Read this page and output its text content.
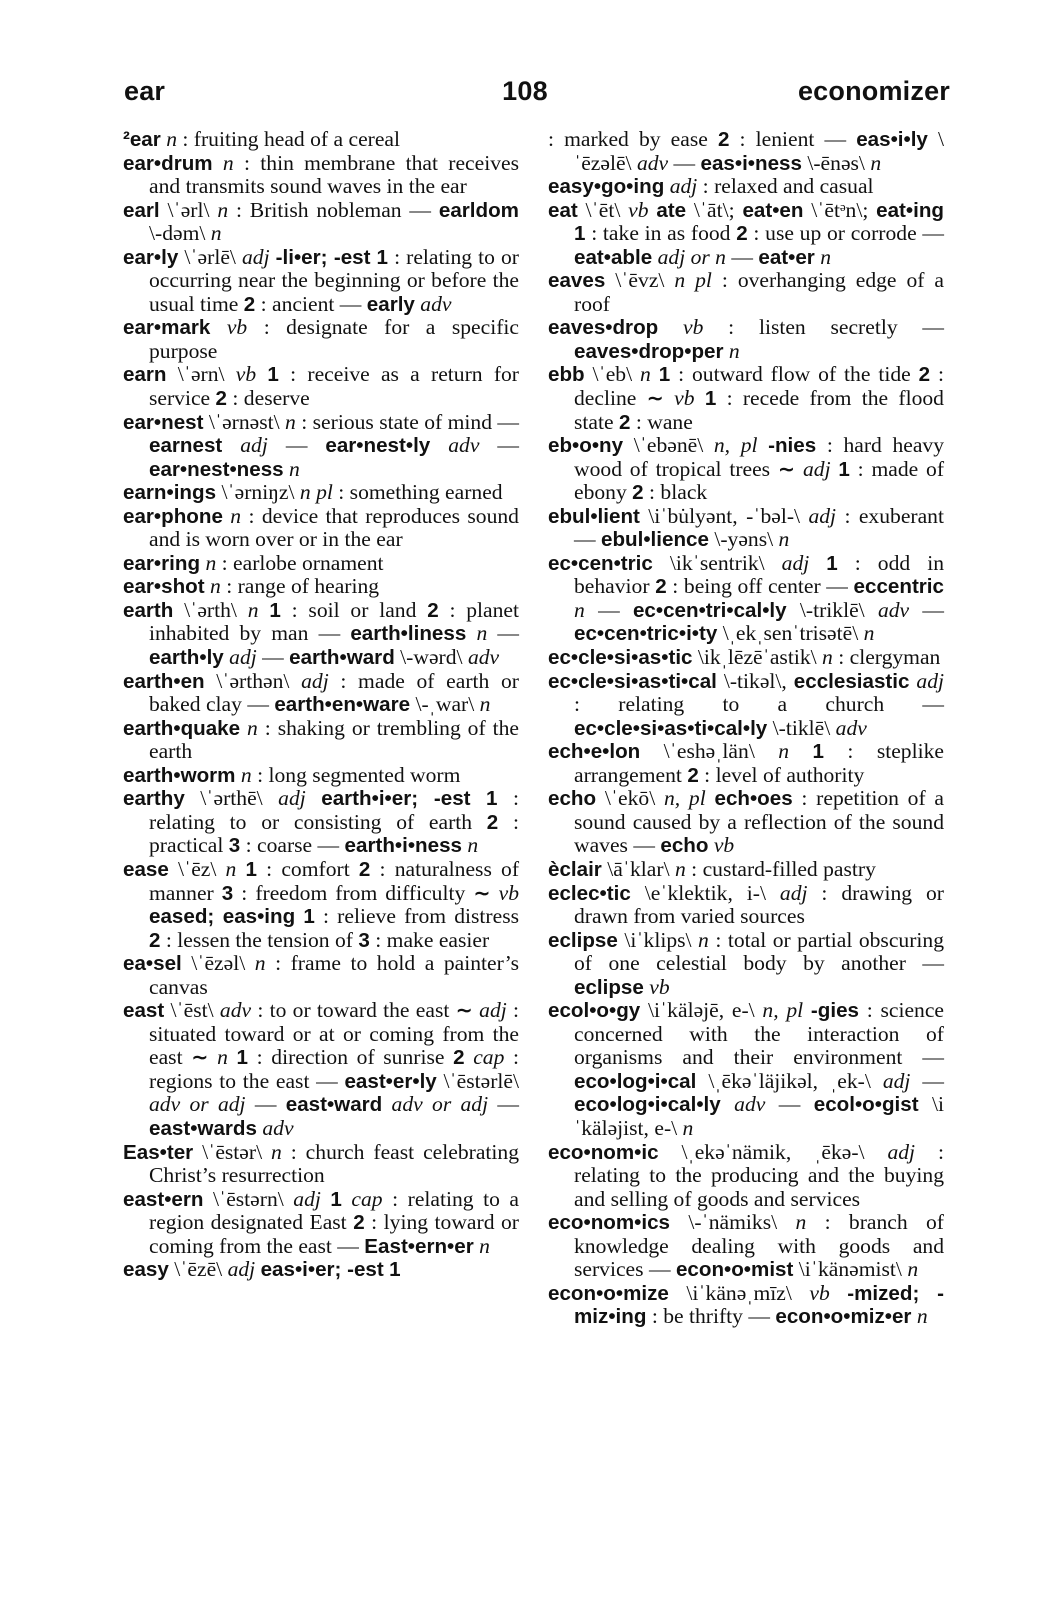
ear	108	economizer

²ear n : fruiting head of a cereal

ear•drum n : thin membrane that receives and transmits sound waves in the ear

earl \ˈərl\ n : British nobleman — earldom \-dəm\ n

ear•ly \ˈərlē\ adj -li•er; -est 1 : relating to or occurring near the beginning or before the usual time 2 : ancient — early adv

ear•mark vb : designate for a specific purpose

earn \ˈərn\ vb 1 : receive as a return for service 2 : deserve

ear•nest \ˈərnəst\ n : serious state of mind — earnest adj — ear•nest•ly adv — ear•nest•ness n

earn•ings \ˈərniŋz\ n pl : something earned

ear•phone n : device that reproduces sound and is worn over or in the ear

ear•ring n : earlobe ornament

ear•shot n : range of hearing

earth \ˈərth\ n 1 : soil or land 2 : planet inhabited by man — earth•liness n — earth•ly adj — earth•ward \-wərd\ adv

earth•en \ˈərthən\ adj : made of earth or baked clay — earth•en•ware \-ˌwar\ n

earth•quake n : shaking or trembling of the earth

earth•worm n : long segmented worm

earthy \ˈərthē\ adj earth•i•er; -est 1 : relating to or consisting of earth 2 : practical 3 : coarse — earth•i•ness n

ease \ˈēz\ n 1 : comfort 2 : naturalness of manner 3 : freedom from difficulty ∼ vb eased; eas•ing 1 : relieve from distress 2 : lessen the tension of 3 : make easier

ea•sel \ˈēzəl\ n : frame to hold a painter’s canvas

east \ˈēst\ adv : to or toward the east ∼ adj : situated toward or at or coming from the east ∼ n 1 : direction of sunrise 2 cap : regions to the east — east•er•ly \ˈēstərlē\ adv or adj — east•ward adv or adj — east•wards adv

Eas•ter \ˈēstər\ n : church feast celebrating Christ’s resurrection

east•ern \ˈēstərn\ adj 1 cap : relating to a region designated East 2 : lying toward or coming from the east — East•ern•er n

easy \ˈēzē\ adj eas•i•er; -est 1

: marked by ease 2 : lenient — eas•i•ly \ˈēzəlē\ adv — eas•i•ness \-ēnəs\ n

easy•go•ing adj : relaxed and casual

eat \ˈēt\ vb ate \ˈāt\; eat•en \ˈētᵊn\; eat•ing 1 : take in as food 2 : use up or corrode — eat•able adj or n — eat•er n

eaves \ˈēvz\ n pl : overhanging edge of a roof

eaves•drop vb : listen secretly — eaves•drop•per n

ebb \ˈeb\ n 1 : outward flow of the tide 2 : decline ∼ vb 1 : recede from the flood state 2 : wane

eb•o•ny \ˈebənē\ n, pl -nies : hard heavy wood of tropical trees ∼ adj 1 : made of ebony 2 : black

ebul•lient \iˈbu̇lyənt, -ˈbəl-\ adj : exuberant — ebul•lience \-yəns\ n

ec•cen•tric \ikˈsentrik\ adj 1 : odd in behavior 2 : being off center — eccentric n — ec•cen•tri•cal•ly \-triklē\ adv — ec•cen•tric•i•ty \ˌekˌsenˈtrisətē\ n

ec•cle•si•as•tic \ikˌlēzēˈastik\ n : clergyman

ec•cle•si•as•ti•cal \-tikəl\, ecclesiastic adj : relating to a church — ec•cle•si•as•ti•cal•ly \-tiklē\ adv

ech•e•lon \ˈeshəˌlän\ n 1 : steplike arrangement 2 : level of authority

echo \ˈekō\ n, pl ech•oes : repetition of a sound caused by a reflection of the sound waves — echo vb

èclair \āˈklar\ n : custard-filled pastry

eclec•tic \eˈklektik, i-\ adj : drawing or drawn from varied sources

eclipse \iˈklips\ n : total or partial obscuring of one celestial body by another — eclipse vb

ecol•o•gy \iˈkäləjē, e-\ n, pl -gies : science concerned with the interaction of organisms and their environment — eco•log•i•cal \ˌēkəˈläjikəl, ˌek-\ adj — eco•log•i•cal•ly adv — ecol•o•gist \iˈkäləjist, e-\ n

eco•nom•ic \ˌekəˈnämik, ˌēkə-\ adj : relating to the producing and the buying and selling of goods and services

eco•nom•ics \-ˈnämiks\ n : branch of knowledge dealing with goods and services — econ•o•mist \iˈkänəmist\ n

econ•o•mize \iˈkänəˌmīz\ vb -mized; -miz•ing : be thrifty — econ•o•miz•er n
